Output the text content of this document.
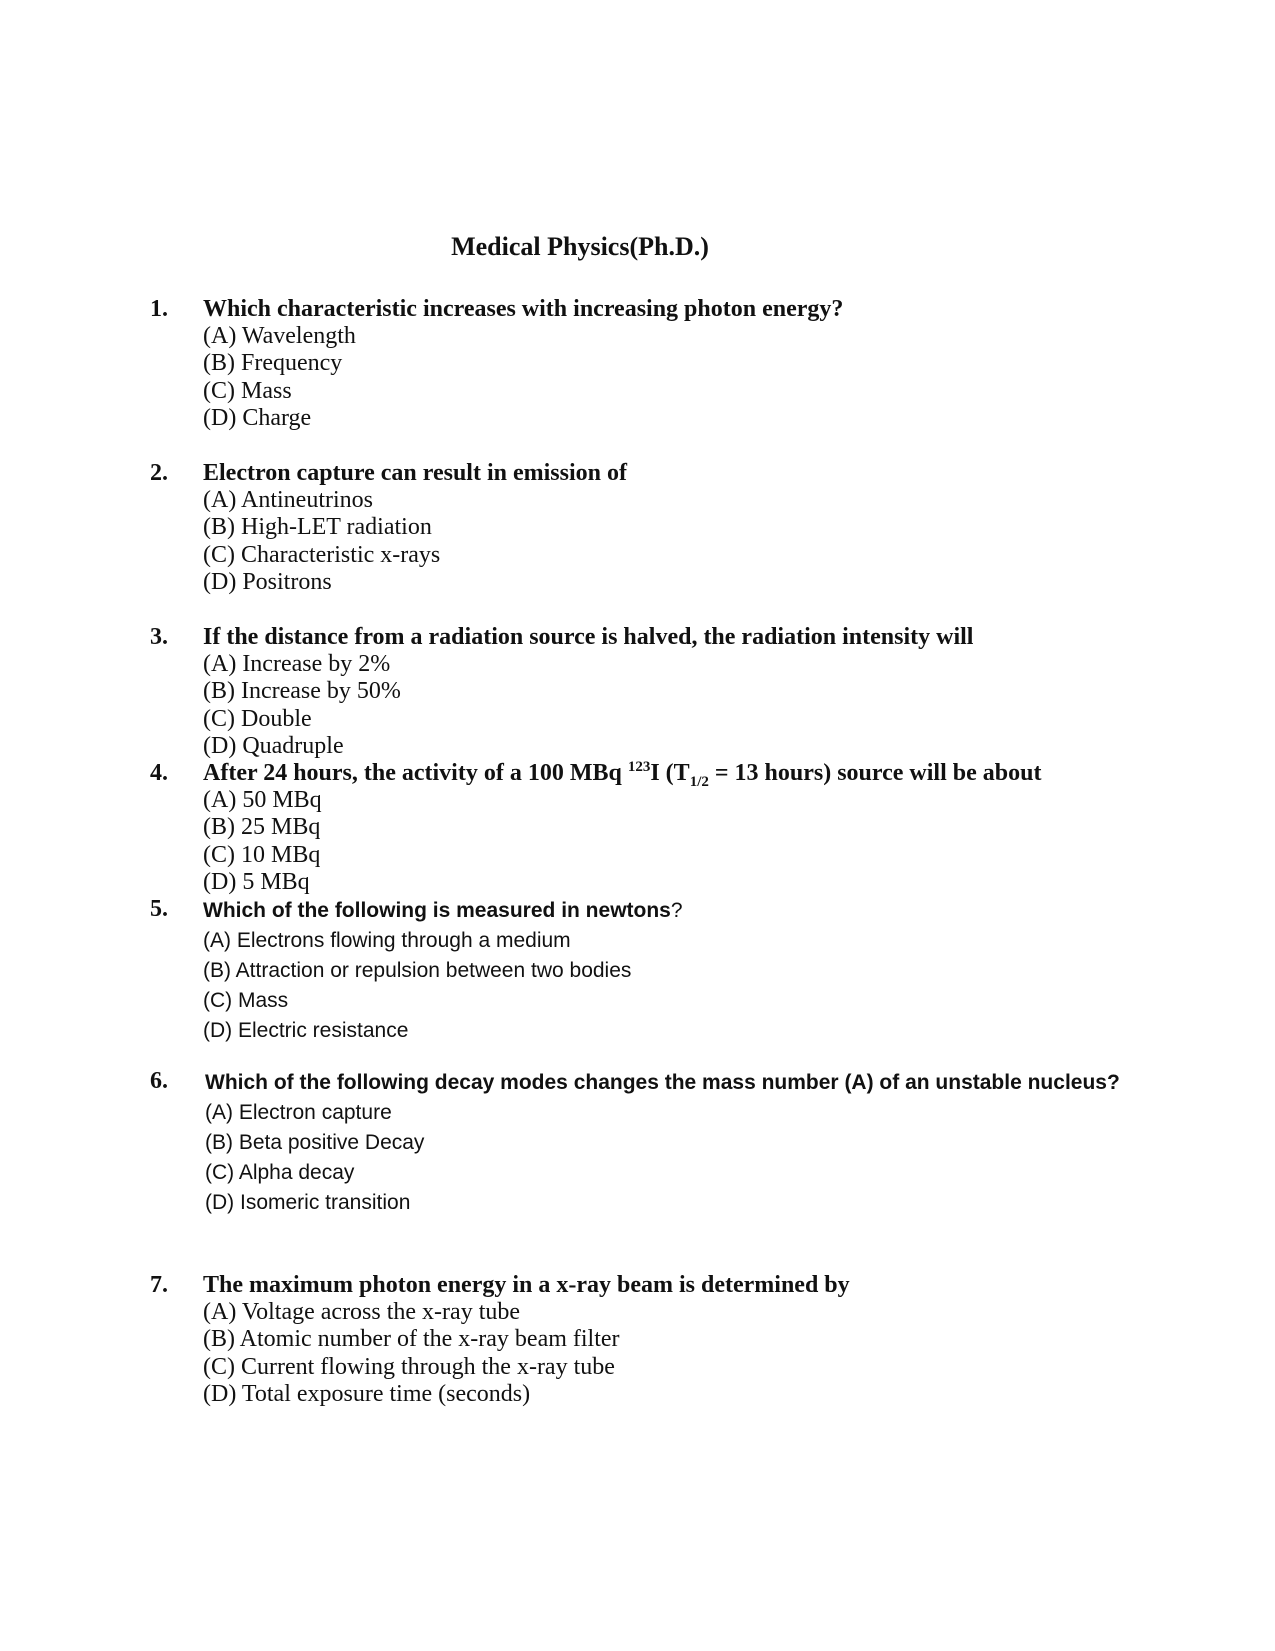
Medical Physics(Ph.D.)
1.	Which characteristic increases with increasing photon energy?
(A) Wavelength
(B) Frequency
(C) Mass
(D) Charge
2.	Electron capture can result in emission of
(A) Antineutrinos
(B) High-LET radiation
(C) Characteristic x-rays
(D) Positrons
3.	If the distance from a radiation source is halved, the radiation intensity will
(A) Increase by 2%
(B) Increase by 50%
(C) Double
(D) Quadruple
4.	After 24 hours, the activity of a 100 MBq $^{123}$I ($T_{1/2} = 13$ hours) source will be about
(A) 50 MBq
(B) 25 MBq
(C) 10 MBq
(D) 5 MBq
5.	Which of the following is measured in newtons?
(A) Electrons flowing through a medium
(B) Attraction or repulsion between two bodies
(C) Mass
(D) Electric resistance
6.	Which of the following decay modes changes the mass number (A) of an unstable nucleus?
(A) Electron capture
(B) Beta positive Decay
(C) Alpha decay
(D) Isomeric transition
7.	The maximum photon energy in a x-ray beam is determined by
(A) Voltage across the x-ray tube
(B) Atomic number of the x-ray beam filter
(C) Current flowing through the x-ray tube
(D) Total exposure time (seconds)
